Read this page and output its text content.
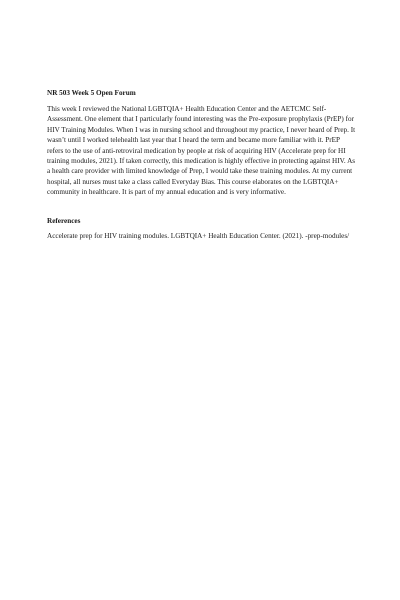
NR 503 Week 5 Open Forum

This week I reviewed the National LGBTQIA+ Health Education Center and the AETCMC Self-Assessment. One element that I particularly found interesting was the Pre-exposure prophylaxis (PrEP) for HIV Training Modules. When I was in nursing school and throughout my practice, I never heard of Prep. It wasn’t until I worked telehealth last year that I heard the term and became more familiar with it. PrEP refers to the use of anti-retroviral medication by people at risk of acquiring HIV (Accelerate prep for HI training modules, 2021). If taken correctly, this medication is highly effective in protecting against HIV. As a health care provider with limited knowledge of Prep, I would take these training modules. At my current hospital, all nurses must take a class called Everyday Bias. This course elaborates on the LGBTQIA+ community in healthcare. It is part of my annual education and is very informative.

References

Accelerate prep for HIV training modules. LGBTQIA+ Health Education Center. (2021). -prep-modules/
